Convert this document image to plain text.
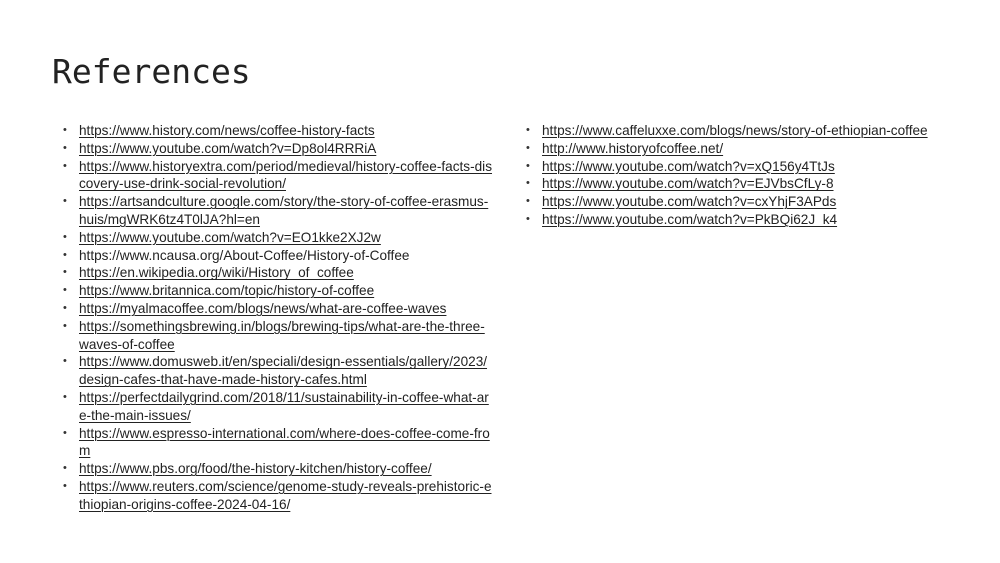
References
• https://www.history.com/news/coffee-history-facts
• https://www.youtube.com/watch?v=Dp8ol4RRRiA
• https://www.historyextra.com/period/medieval/history-coffee-facts-discovery-use-drink-social-revolution/
• https://artsandculture.google.com/story/the-story-of-coffee-erasmus-huis/mgWRK6tz4T0lJA?hl=en
• https://www.youtube.com/watch?v=EO1kke2XJ2w
• https://www.ncausa.org/About-Coffee/History-of-Coffee
• https://en.wikipedia.org/wiki/History_of_coffee
• https://www.britannica.com/topic/history-of-coffee
• https://myalmacoffee.com/blogs/news/what-are-coffee-waves
• https://somethingsbrewing.in/blogs/brewing-tips/what-are-the-three-waves-of-coffee
• https://www.domusweb.it/en/speciali/design-essentials/gallery/2023/design-cafes-that-have-made-history-cafes.html
• https://perfectdailygrind.com/2018/11/sustainability-in-coffee-what-are-the-main-issues/
• https://www.espresso-international.com/where-does-coffee-come-from
• https://www.pbs.org/food/the-history-kitchen/history-coffee/
• https://www.reuters.com/science/genome-study-reveals-prehistoric-ethiopian-origins-coffee-2024-04-16/
• https://www.caffeluxxe.com/blogs/news/story-of-ethiopian-coffee
• http://www.historyofcoffee.net/
• https://www.youtube.com/watch?v=xQ156y4TtJs
• https://www.youtube.com/watch?v=EJVbsCfLy-8
• https://www.youtube.com/watch?v=cxYhjF3APds
• https://www.youtube.com/watch?v=PkBQi62J_k4
